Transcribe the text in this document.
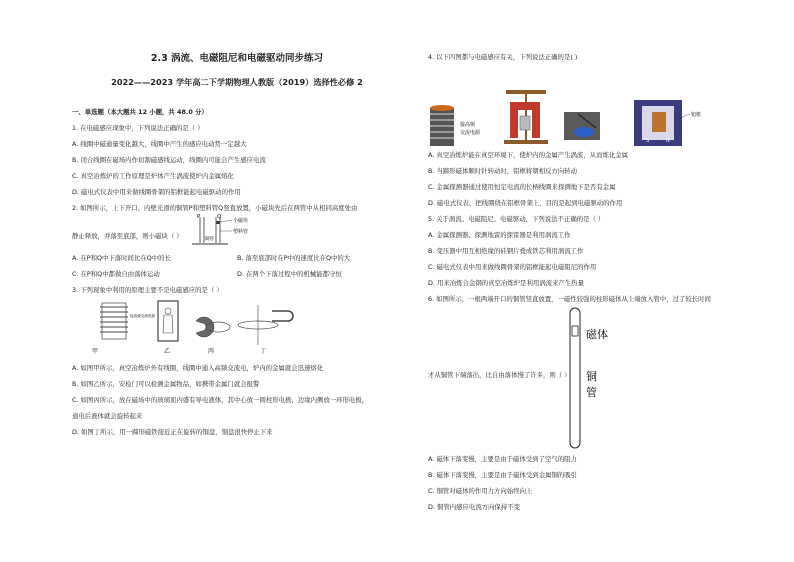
2.3 涡流、电磁阻尼和电磁驱动同步练习
2022——2023 学年高二下学期物理人教版（2019）选择性必修 2
一、单选题（本大题共 12 小题，共 48.0 分）
1. 在电磁感应现象中，下列说法正确的是（ ）
A. 线圈中磁通量变化越大，线圈中产生的感应电动势一定越大
B. 闭合线圈在磁场内作切割磁感线运动，线圈内可能会产生感应电流
C. 真空冶炼炉的工作原理是炉体产生涡流使炉内金属熔化
D. 磁电式仪表中用来做线圈骨架的铝框能起电磁驱动的作用
2. 如图所示，上下开口、内壁光滑的铜管P和塑料管Q竖直放置，小磁块先后在两管中从相同高度处由
P	Q
小磁块
塑料管
铜管
静止释放，并落至底部，则小磁块（ ）
A. 在P和Q中下落时间比在Q中的长	B. 落至底部时在P中的速度比在Q中的大
C. 在P和Q中都做自由落体运动	D. 在两个下落过程中的机械能都守恒
3. 下列现象中利用的原理主要不是电磁感应的是（ ）
接高频交流电源
甲	乙	丙	丁
A. 如图甲所示，真空冶炼炉外有线圈，线圈中通入高频交流电，炉内的金属就会迅速熔化
B. 如图乙所示，安检门可以检测金属物品，如携带金属门就会报警
C. 如图丙所示，放在磁场中的玻璃皿内盛有导电液体，其中心放一圆柱形电极，边缘内侧放一环形电极，
通电后液体就会旋转起来
D. 如图丁所示，用一蹄形磁铁接近正在旋转的铜盘，铜盘很快停止下来
4. 以下四图都与电磁感应有关，下列说法正确的是( )
接高频
交流电源
S	N
铝框
A. 真空冶炼炉能在真空环境下，使炉内的金属产生涡流，从而炼化金属
B. 当蹄形磁体顺时针转动时，铝框将朝相反方向转动
C. 金属探测器通过使用恒定电流的长柄线圈来探测地下是否有金属
D. 磁电式仪表，把线圈绕在铝框骨架上，目的是起到电磁驱动的作用
5. 关于涡流、电磁阻尼、电磁驱动，下列说法不正确的是（ ）
A. 金属探测器、探测地雷的探雷器是利用涡流工作
B. 变压器中用互相绝缘的硅钢片叠成铁芯利用涡流工作
C. 磁电式仪表中用来做线圈骨架的铝框能起电磁阻尼的作用
D. 用来冶炼合金钢的真空冶炼炉是利用涡流来产生热量
6. 如图所示，一根两端开口的铜管竖直放置，一磁性较强的柱形磁体从上端放入管中，过了较长时间
才从铜管下端落出，比自由落体慢了许多，则（ ）
磁体
铜
管
A. 磁体下落变慢，主要是由于磁体受到了空气的阻力
B. 磁体下落变慢，主要是由于磁体受到金属铜的吸引
C. 铜管对磁体的作用力方向始终向上
D. 铜管内感应电流方向保持不变
